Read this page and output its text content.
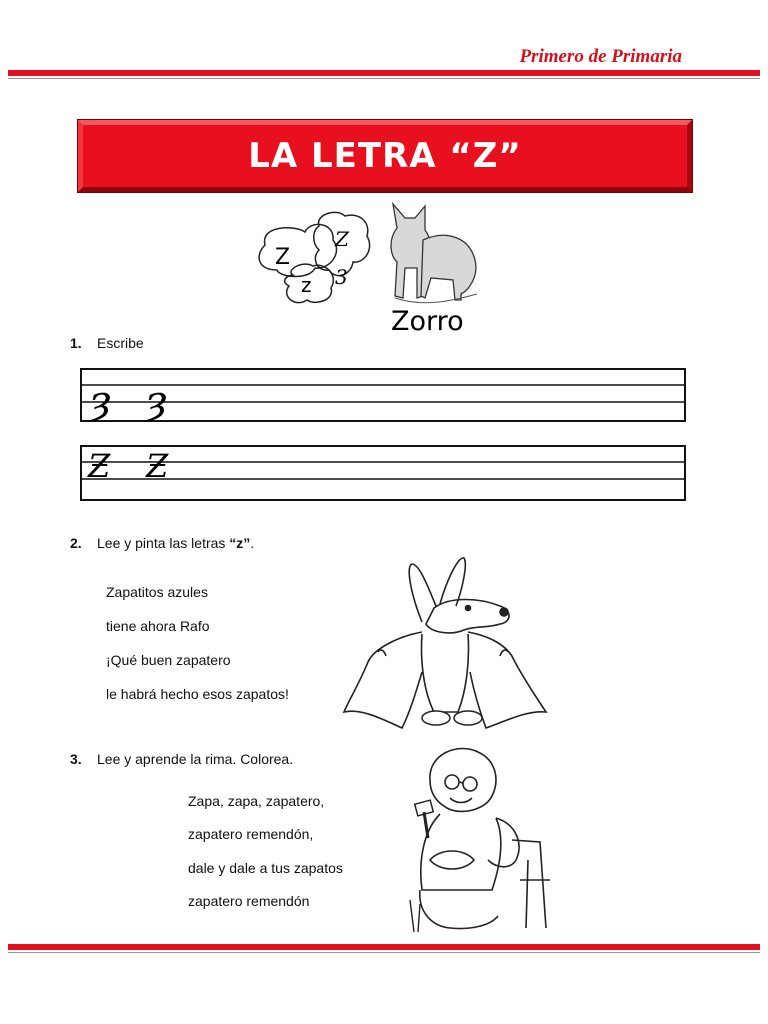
Primero de Primaria
LA LETRA “Z”
Z
Z
z 3
Zorro
1. Escribe
ȝ ȝ
Ƶ Ƶ
2. Lee y pinta las letras “z”.
Zapatitos azules
tiene ahora Rafo
¡Qué buen zapatero
le habrá hecho esos zapatos!
3. Lee y aprende la rima. Colorea.
Zapa, zapa, zapatero,
zapatero remendón,
dale y dale a tus zapatos
zapatero remendón
